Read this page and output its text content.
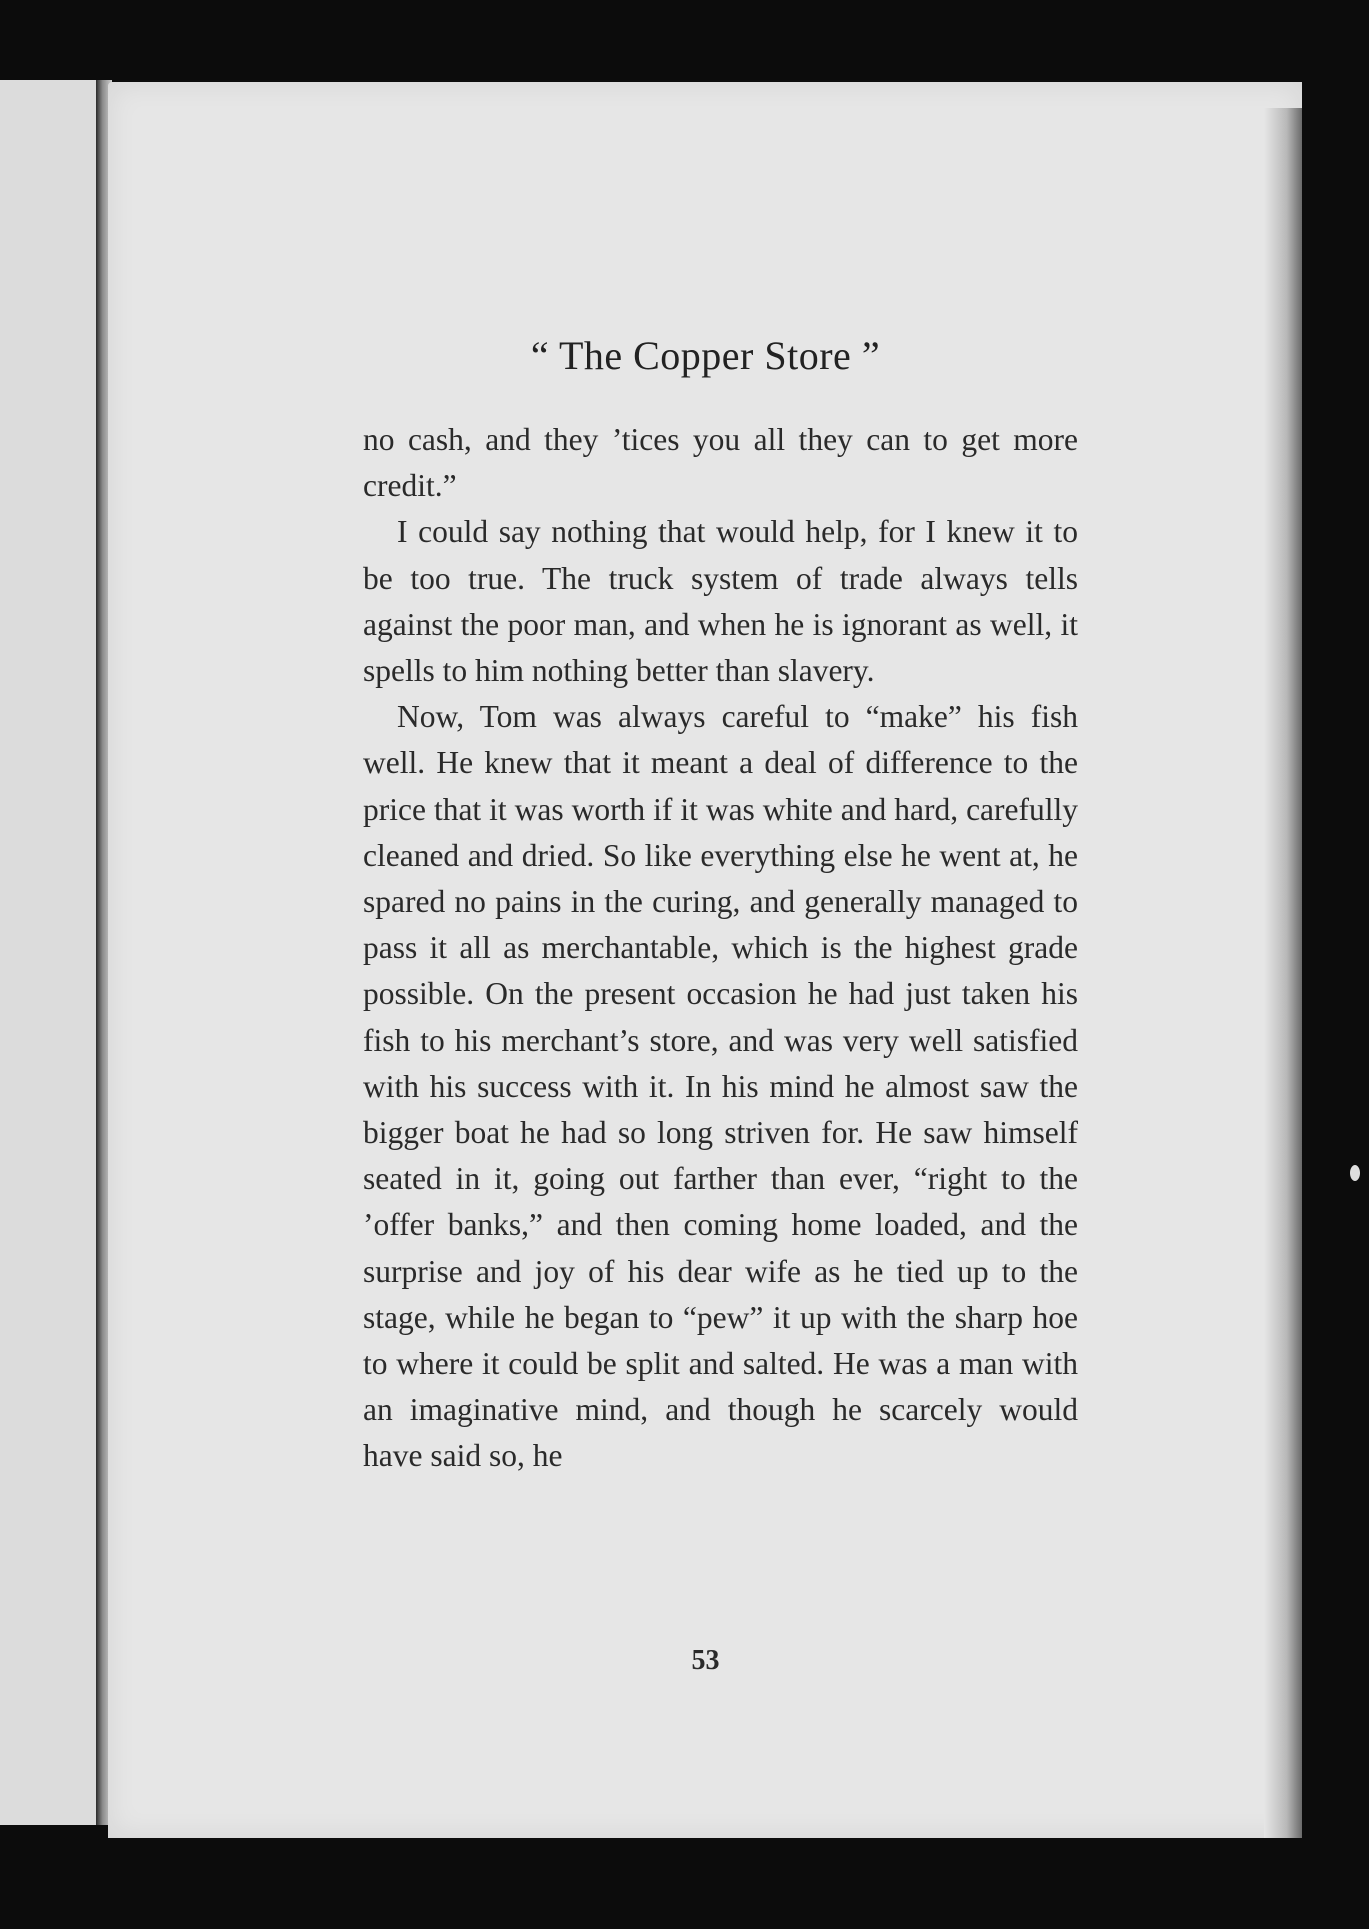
“ The Copper Store ”

no cash, and they ’tices you all they can to get more credit.”

I could say nothing that would help, for I knew it to be too true. The truck system of trade always tells against the poor man, and when he is ignorant as well, it spells to him nothing better than slavery.

Now, Tom was always careful to “make” his fish well. He knew that it meant a deal of difference to the price that it was worth if it was white and hard, carefully cleaned and dried. So like everything else he went at, he spared no pains in the curing, and generally managed to pass it all as merchantable, which is the highest grade possible. On the present occasion he had just taken his fish to his merchant’s store, and was very well satisfied with his success with it. In his mind he almost saw the bigger boat he had so long striven for. He saw himself seated in it, going out farther than ever, “right to the ’offer banks,” and then coming home loaded, and the surprise and joy of his dear wife as he tied up to the stage, while he began to “pew” it up with the sharp hoe to where it could be split and salted. He was a man with an imaginative mind, and though he scarcely would have said so, he

53
